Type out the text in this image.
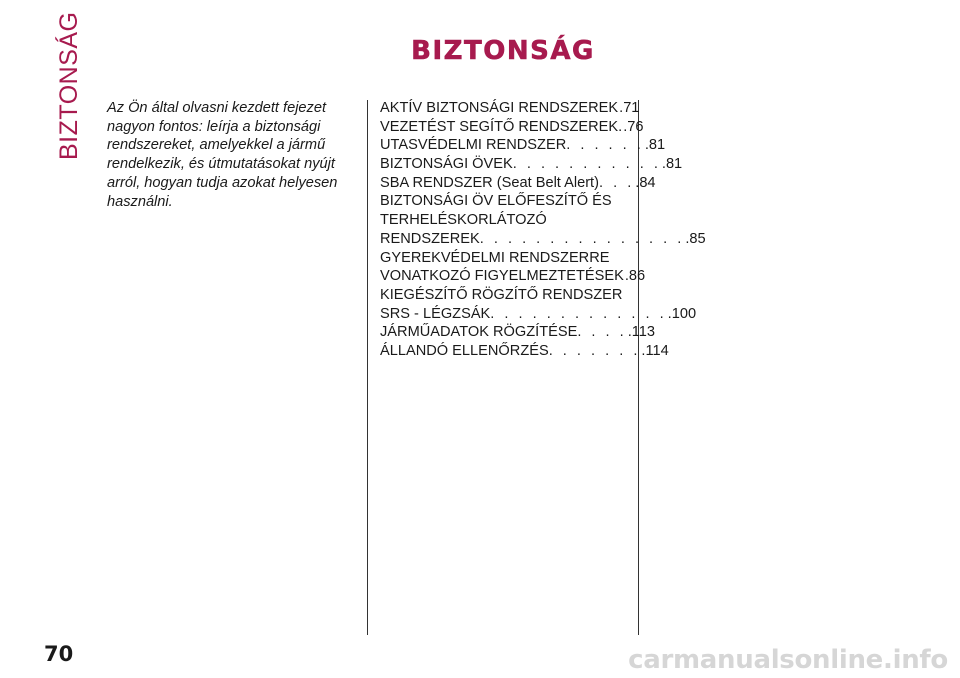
BIZTONSÁG	BIZTONSÁG
Az Ön által olvasni kezdett fejezet nagyon fontos: leírja a biztonsági rendszereket, amelyekkel a jármű rendelkezik, és útmutatásokat nyújt arról, hogyan tudja azokat helyesen használni.
AKTÍV BIZTONSÁGI RENDSZEREK .71
VEZETÉST SEGÍTŐ RENDSZEREK. .76
UTASVÉDELMI RENDSZER . . . . . . .81
BIZTONSÁGI ÖVEK . . . . . . . . . . . .81
SBA RENDSZER (Seat Belt Alert) . . . .84
BIZTONSÁGI ÖV ELŐFESZÍTŐ ÉS
TERHELÉSKORLÁTOZÓ
RENDSZEREK . . . . . . . . . . . . . . . .85
GYEREKVÉDELMI RENDSZERRE
VONATKOZÓ FIGYELMEZTETÉSEK .86
KIEGÉSZÍTŐ RÖGZÍTŐ RENDSZER
SRS - LÉGZSÁK . . . . . . . . . . . . . .100
JÁRMŰADATOK RÖGZÍTÉSE . . . . .113
ÁLLANDÓ ELLENŐRZÉS . . . . . . . .114
70	carmanualsonline.info
